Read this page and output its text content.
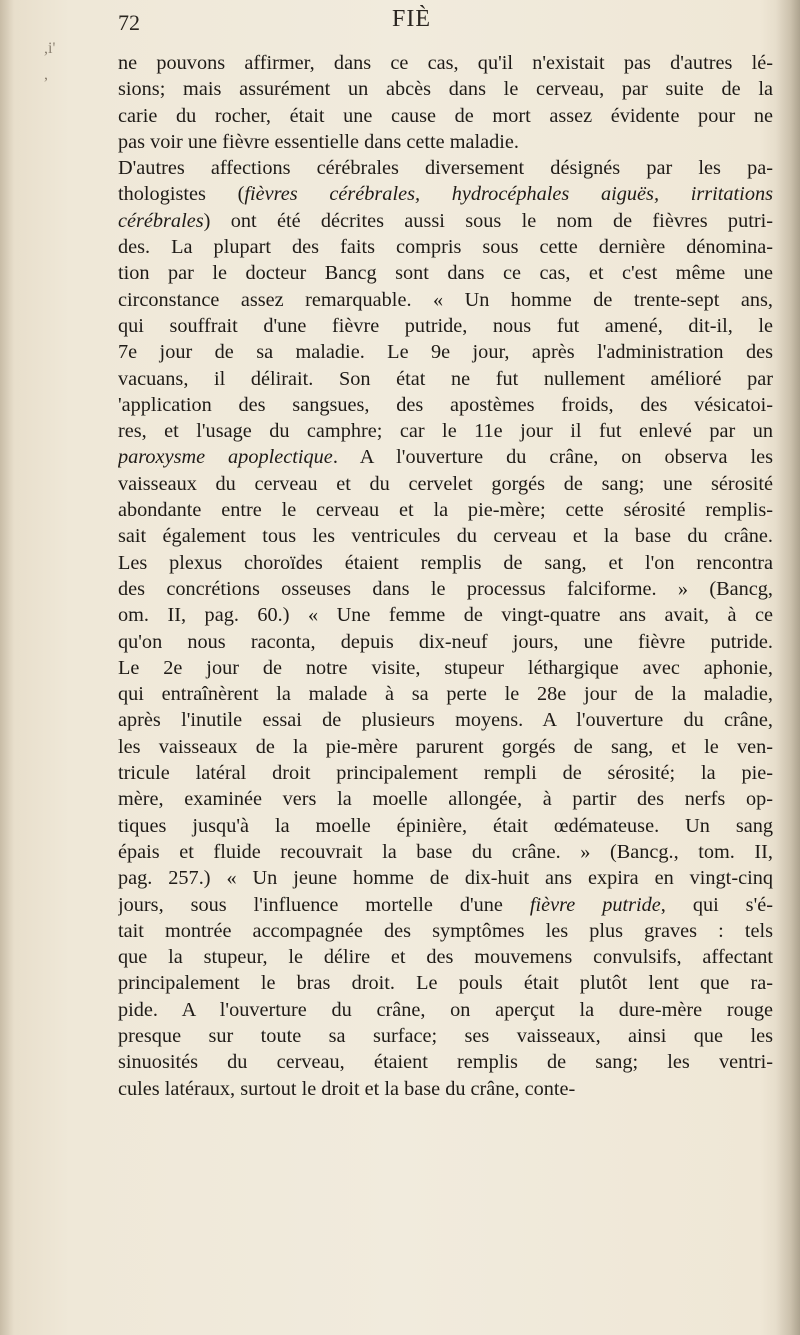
72	FIÈ
,i'
,
ne pouvons affirmer, dans ce cas, qu'il n'existait pas d'autres lé-
sions; mais assurément un abcès dans le cerveau, par suite de la
carie du rocher, était une cause de mort assez évidente pour ne
pas voir une fièvre essentielle dans cette maladie.
D'autres affections cérébrales diversement désignés par les pa-
thologistes (fièvres cérébrales, hydrocéphales aiguës, irritations
cérébrales) ont été décrites aussi sous le nom de fièvres putri-
des. La plupart des faits compris sous cette dernière dénomina-
tion par le docteur Bancg sont dans ce cas, et c'est même une
circonstance assez remarquable. « Un homme de trente-sept ans,
qui souffrait d'une fièvre putride, nous fut amené, dit-il, le
7e jour de sa maladie. Le 9e jour, après l'administration des
vacuans, il délirait. Son état ne fut nullement amélioré par
'application des sangsues, des apostèmes froids, des vésicatoi-
res, et l'usage du camphre; car le 11e jour il fut enlevé par un
paroxysme apoplectique. A l'ouverture du crâne, on observa les
vaisseaux du cerveau et du cervelet gorgés de sang; une sérosité
abondante entre le cerveau et la pie-mère; cette sérosité remplis-
sait également tous les ventricules du cerveau et la base du crâne.
Les plexus choroïdes étaient remplis de sang, et l'on rencontra
des concrétions osseuses dans le processus falciforme. » (Bancg,
om. II, pag. 60.) « Une femme de vingt-quatre ans avait, à ce
qu'on nous raconta, depuis dix-neuf jours, une fièvre putride.
Le 2e jour de notre visite, stupeur léthargique avec aphonie,
qui entraînèrent la malade à sa perte le 28e jour de la maladie,
après l'inutile essai de plusieurs moyens. A l'ouverture du crâne,
les vaisseaux de la pie-mère parurent gorgés de sang, et le ven-
tricule latéral droit principalement rempli de sérosité; la pie-
mère, examinée vers la moelle allongée, à partir des nerfs op-
tiques jusqu'à la moelle épinière, était œdémateuse. Un sang
épais et fluide recouvrait la base du crâne. » (Bancg., tom. II,
pag. 257.) « Un jeune homme de dix-huit ans expira en vingt-cinq
jours, sous l'influence mortelle d'une fièvre putride, qui s'é-
tait montrée accompagnée des symptômes les plus graves : tels
que la stupeur, le délire et des mouvemens convulsifs, affectant
principalement le bras droit. Le pouls était plutôt lent que ra-
pide. A l'ouverture du crâne, on aperçut la dure-mère rouge
presque sur toute sa surface; ses vaisseaux, ainsi que les
sinuosités du cerveau, étaient remplis de sang; les ventri-
cules latéraux, surtout le droit et la base du crâne, conte-
